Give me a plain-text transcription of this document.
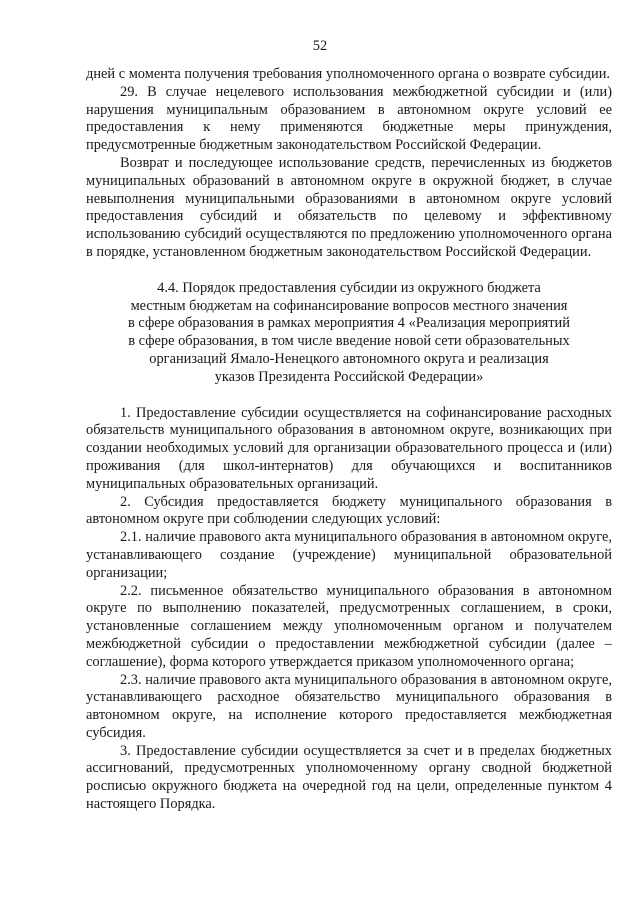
52

дней с момента получения требования уполномоченного органа о возврате субсидии.

29. В случае нецелевого использования межбюджетной субсидии и (или) нарушения муниципальным образованием в автономном округе условий ее предоставления к нему применяются бюджетные меры принуждения, предусмотренные бюджетным законодательством Российской Федерации.

Возврат и последующее использование средств, перечисленных из бюджетов муниципальных образований в автономном округе в окружной бюджет, в случае невыполнения муниципальными образованиями в автономном округе условий предоставления субсидий и обязательств по целевому и эффективному использованию субсидий осуществляются по предложению уполномоченного органа в порядке, установленном бюджетным законодательством Российской Федерации.

4.4. Порядок предоставления субсидии из окружного бюджета
местным бюджетам на софинансирование вопросов местного значения
в сфере образования в рамках мероприятия 4 «Реализация мероприятий
в сфере образования, в том числе введение новой сети образовательных
организаций Ямало-Ненецкого автономного округа и реализация
указов Президента Российской Федерации»

1. Предоставление субсидии осуществляется на софинансирование расходных обязательств муниципального образования в автономном округе, возникающих при создании необходимых условий для организации образовательного процесса и (или) проживания (для школ-интернатов) для обучающихся и воспитанников муниципальных образовательных организаций.

2. Субсидия предоставляется бюджету муниципального образования в автономном округе при соблюдении следующих условий:

2.1. наличие правового акта муниципального образования в автономном округе, устанавливающего создание (учреждение) муниципальной образовательной организации;

2.2. письменное обязательство муниципального образования в автономном округе по выполнению показателей, предусмотренных соглашением, в сроки, установленные соглашением между уполномоченным органом и получателем межбюджетной субсидии о предоставлении межбюджетной субсидии (далее – соглашение), форма которого утверждается приказом уполномоченного органа;

2.3. наличие правового акта муниципального образования в автономном округе, устанавливающего расходное обязательство муниципального образования в автономном округе, на исполнение которого предоставляется межбюджетная субсидия.

3. Предоставление субсидии осуществляется за счет и в пределах бюджетных ассигнований, предусмотренных уполномоченному органу сводной бюджетной росписью окружного бюджета на очередной год на цели, определенные пунктом 4 настоящего Порядка.
